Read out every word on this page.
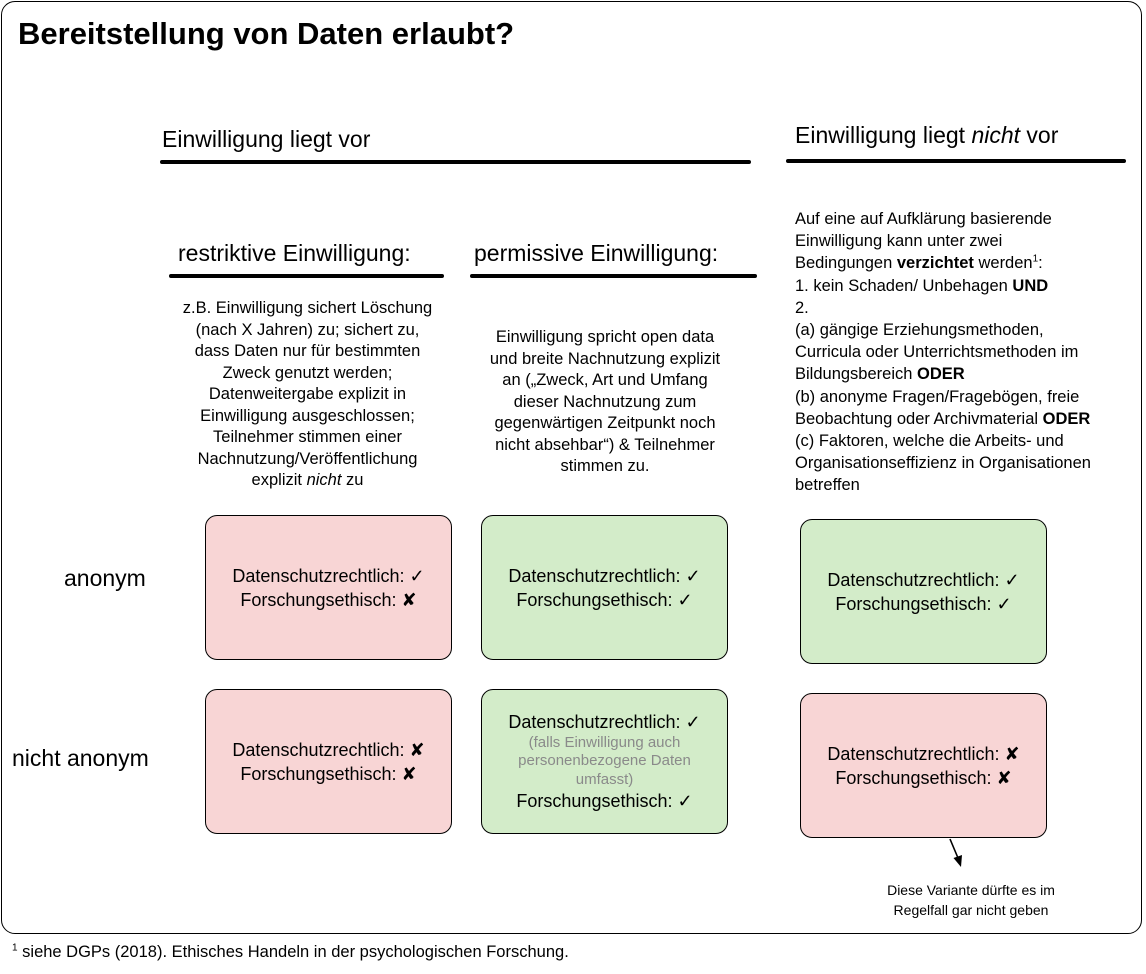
Bereitstellung von Daten erlaubt?
Einwilligung liegt vor	Einwilligung liegt nicht vor
restriktive Einwilligung:
z.B. Einwilligung sichert Löschung
(nach X Jahren) zu; sichert zu,
dass Daten nur für bestimmten
Zweck genutzt werden;
Datenweitergabe explizit in
Einwilligung ausgeschlossen;
Teilnehmer stimmen einer
Nachnutzung/Veröffentlichung
explizit nicht zu
permissive Einwilligung:
Einwilligung spricht open data
und breite Nachnutzung explizit
an („Zweck, Art und Umfang
dieser Nachnutzung zum
gegenwärtigen Zeitpunkt noch
nicht absehbar“) & Teilnehmer
stimmen zu.
Auf eine auf Aufklärung basierende
Einwilligung kann unter zwei
Bedingungen verzichtet werden$^1$:
1. kein Schaden/ Unbehagen UND
2.
(a) gängige Erziehungsmethoden,
Curricula oder Unterrichtsmethoden im
Bildungsbereich ODER
(b) anonyme Fragen/Fragebögen, freie
Beobachtung oder Archivmaterial ODER
(c) Faktoren, welche die Arbeits- und
Organisationseffizienz in Organisationen
betreffen
anonym
nicht anonym
Datenschutzrechtlich: ✓
Forschungsethisch: ✘
Datenschutzrechtlich: ✓
Forschungsethisch: ✓
Datenschutzrechtlich: ✓
Forschungsethisch: ✓
Datenschutzrechtlich: ✘
Forschungsethisch: ✘
Datenschutzrechtlich: ✓
(falls Einwilligung auch
personenbezogene Daten
umfasst)
Forschungsethisch: ✓
Datenschutzrechtlich: ✘
Forschungsethisch: ✘
Diese Variante dürfte es im
Regelfall gar nicht geben
$^1$ siehe DGPs (2018). Ethisches Handeln in der psychologischen Forschung.
